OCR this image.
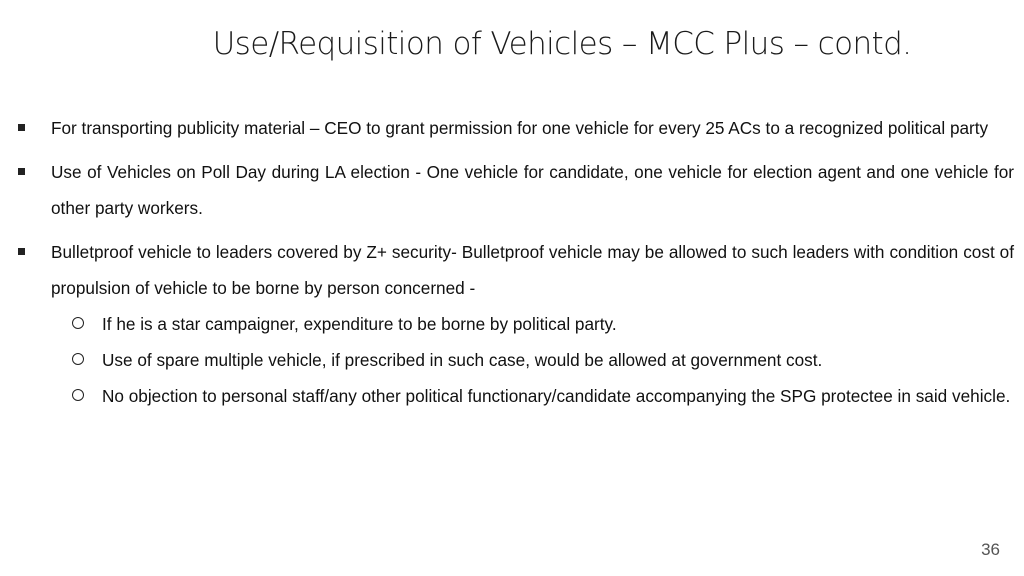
Use/Requisition of Vehicles – MCC Plus – contd.
For transporting publicity material – CEO to grant permission for one vehicle for every 25 ACs to a recognized political party
Use of Vehicles on Poll Day during LA election - One vehicle for candidate, one vehicle for election agent and one vehicle for other party workers.
Bulletproof vehicle to leaders covered by Z+ security- Bulletproof vehicle may be allowed to such leaders with condition cost of propulsion of vehicle to be borne by person concerned -
If he is a star campaigner, expenditure to be borne by political party.
Use of spare multiple vehicle, if prescribed in such case, would be allowed at government cost.
No objection to personal staff/any other political functionary/candidate accompanying the SPG protectee in said vehicle.
36
